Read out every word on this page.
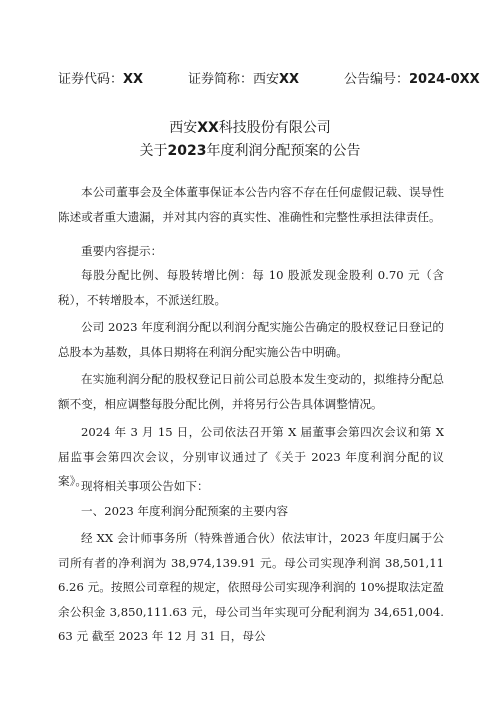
证券代码：XX	证券简称：西安XX	公告编号：2024-0XX
西安XX科技股份有限公司
关于2023年度利润分配预案的公告
本公司董事会及全体董事保证本公告内容不存在任何虚假记载、误导性陈述或者重大遗漏，并对其内容的真实性、准确性和完整性承担法律责任。
重要内容提示：
每股分配比例、每股转增比例：每 10 股派发现金股利 0.70 元（含税），不转增股本，不派送红股。
公司 2023 年度利润分配以利润分配实施公告确定的股权登记日登记的总股本为基数，具体日期将在利润分配实施公告中明确。
在实施利润分配的股权登记日前公司总股本发生变动的，拟维持分配总额不变，相应调整每股分配比例，并将另行公告具体调整情况。
2024 年 3 月 15 日，公司依法召开第 X 届董事会第四次会议和第 X 届监事会第四次会议，分别审议通过了《关于 2023 年度利润分配的议案》。
现将相关事项公告如下：
一、2023 年度利润分配预案的主要内容
经 XX 会计师事务所（特殊普通合伙）依法审计，2023 年度归属于公司所有者的净利润为 38,974,139.91 元。母公司实现净利润 38,501,116.26 元。按照公司章程的规定，依照母公司实现净利润的 10%提取法定盈余公积金 3,850,111.63 元，母公司当年实现可分配利润为 34,651,004.63 元 截至 2023 年 12 月 31 日，母公
